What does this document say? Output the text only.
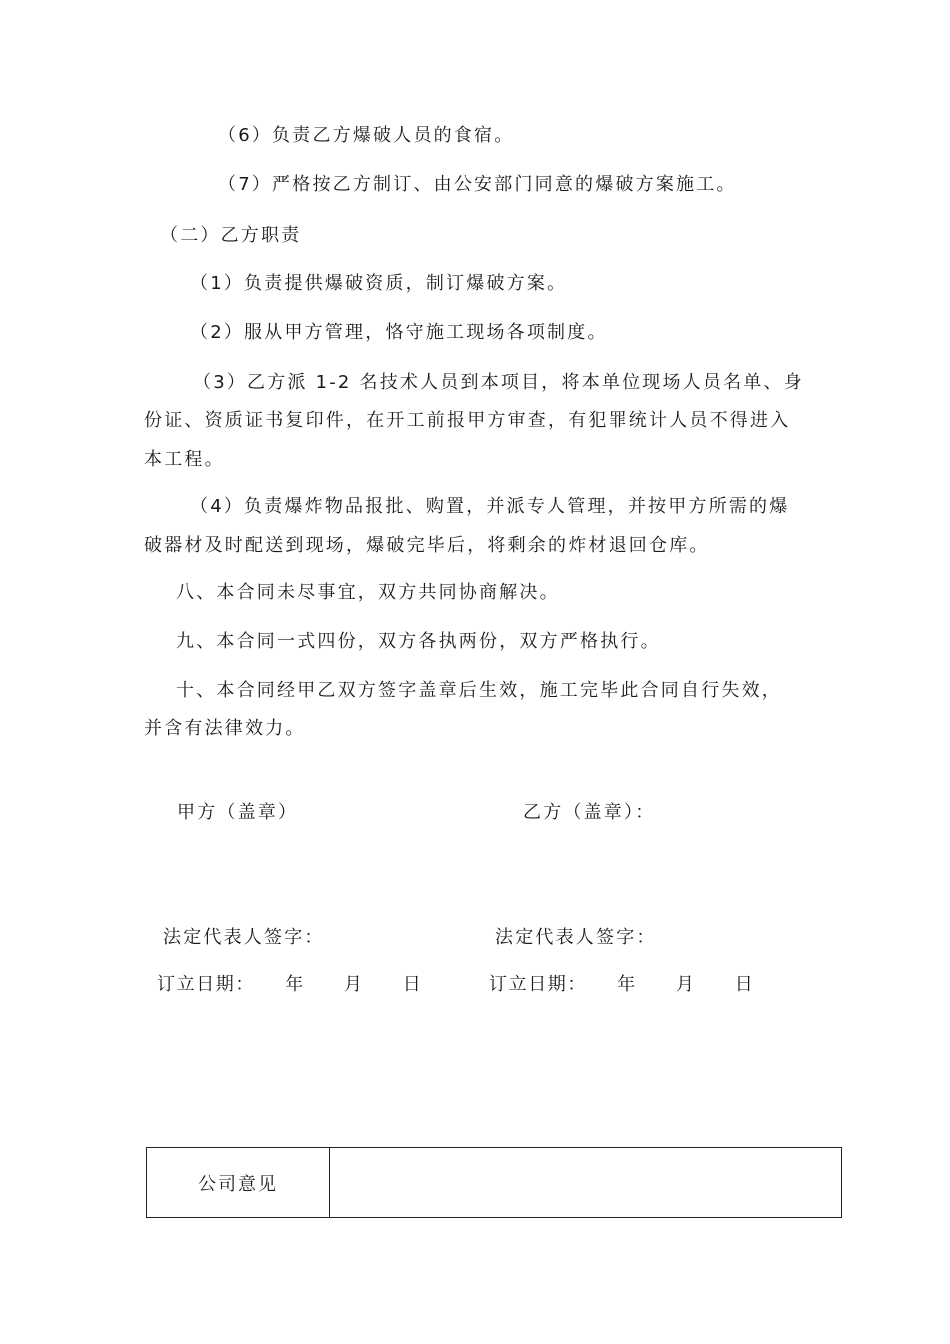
（6）负责乙方爆破人员的食宿。
（7）严格按乙方制订、由公安部门同意的爆破方案施工。
（二）乙方职责
（1）负责提供爆破资质，制订爆破方案。
（2）服从甲方管理，恪守施工现场各项制度。
（3）乙方派 1-2 名技术人员到本项目，将本单位现场人员名单、身
份证、资质证书复印件，在开工前报甲方审查，有犯罪统计人员不得进入
本工程。
（4）负责爆炸物品报批、购置，并派专人管理，并按甲方所需的爆
破器材及时配送到现场，爆破完毕后，将剩余的炸材退回仓库。
八、本合同未尽事宜，双方共同协商解决。
九、本合同一式四份，双方各执两份，双方严格执行。
十、本合同经甲乙双方签字盖章后生效，施工完毕此合同自行失效，
并含有法律效力。
甲方（盖章）	乙方（盖章）：
法定代表人签字：	法定代表人签字：
订立日期：　　年　　月　　日	订立日期：　　年　　月　　日
公司意见
